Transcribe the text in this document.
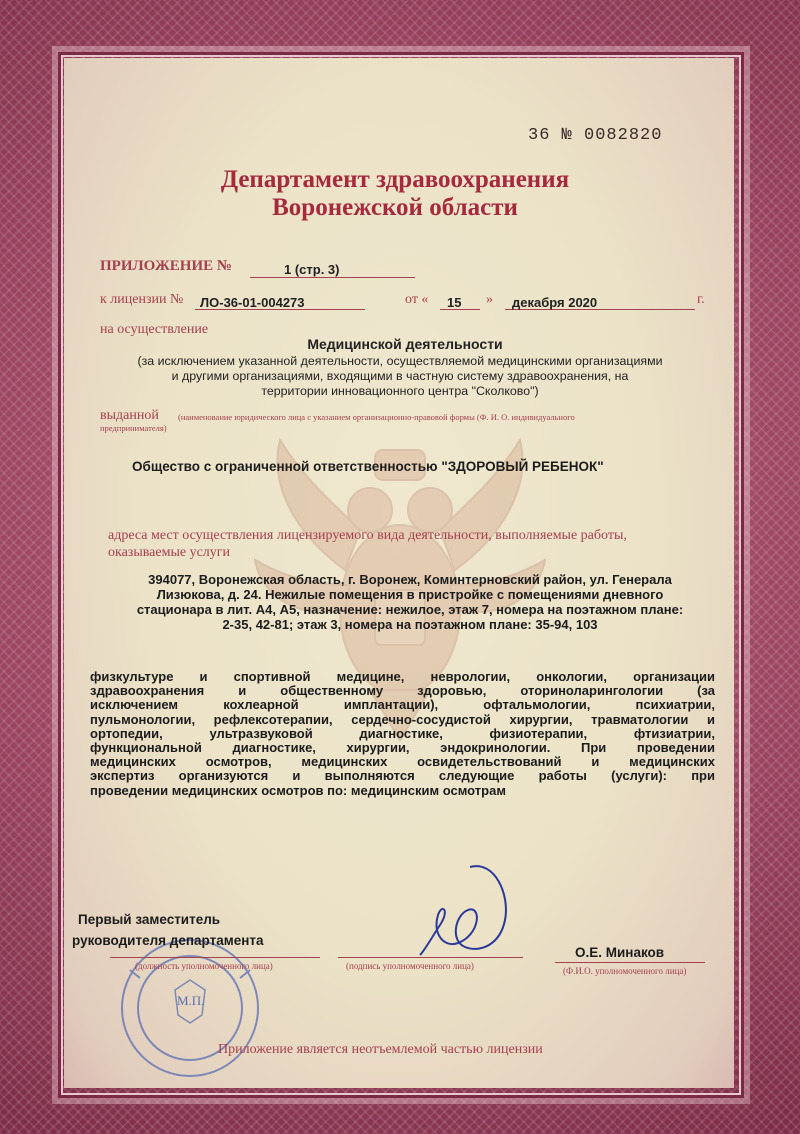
36 № 0082820
Департамент здравоохранения
Воронежской области
ПРИЛОЖЕНИЕ №	1 (стр. 3)
к лицензии № ЛО-36-01-004273	от « 15 » декабря 2020	г.
на осуществление
Медицинской деятельности
(за исключением указанной деятельности, осуществляемой медицинскими организациями
и другими организациями, входящими в частную систему здравоохранения, на
территории инновационного центра "Сколково")
выданной (наименование юридического лица с указанием организационно-правовой формы (Ф. И. О. индивидуального
предпринимателя)
Общество с ограниченной ответственностью "ЗДОРОВЫЙ РЕБЕНОК"
адреса мест осуществления лицензируемого вида деятельности, выполняемые работы,
оказываемые услуги
394077, Воронежская область, г. Воронеж, Коминтерновский район, ул. Генерала
Лизюкова, д. 24. Нежилые помещения в пристройке с помещениями дневного
стационара в лит. А4, А5, назначение: нежилое, этаж 7, номера на поэтажном плане:
2-35, 42-81; этаж 3, номера на поэтажном плане: 35-94, 103
физкультуре и спортивной медицине, неврологии, онкологии, организации
здравоохранения и общественному здоровью, оториноларингологии (за
исключением кохлеарной имплантации), офтальмологии, психиатрии,
пульмонологии, рефлексотерапии, сердечно-сосудистой хирургии, травматологии и
ортопедии, ультразвуковой диагностике, физиотерапии, фтизиатрии,
функциональной диагностике, хирургии, эндокринологии. При проведении
медицинских осмотров, медицинских освидетельствований и медицинских
экспертиз организуются и выполняются следующие работы (услуги): при
проведении медицинских осмотров по: медицинским осмотрам
М.П.
Первый заместитель
руководителя департамента
(должность уполномоченного лица)	(подпись уполномоченного лица)
О.Е. Минаков
(Ф.И.О. уполномоченного лица)
Приложение является неотъемлемой частью лицензии
